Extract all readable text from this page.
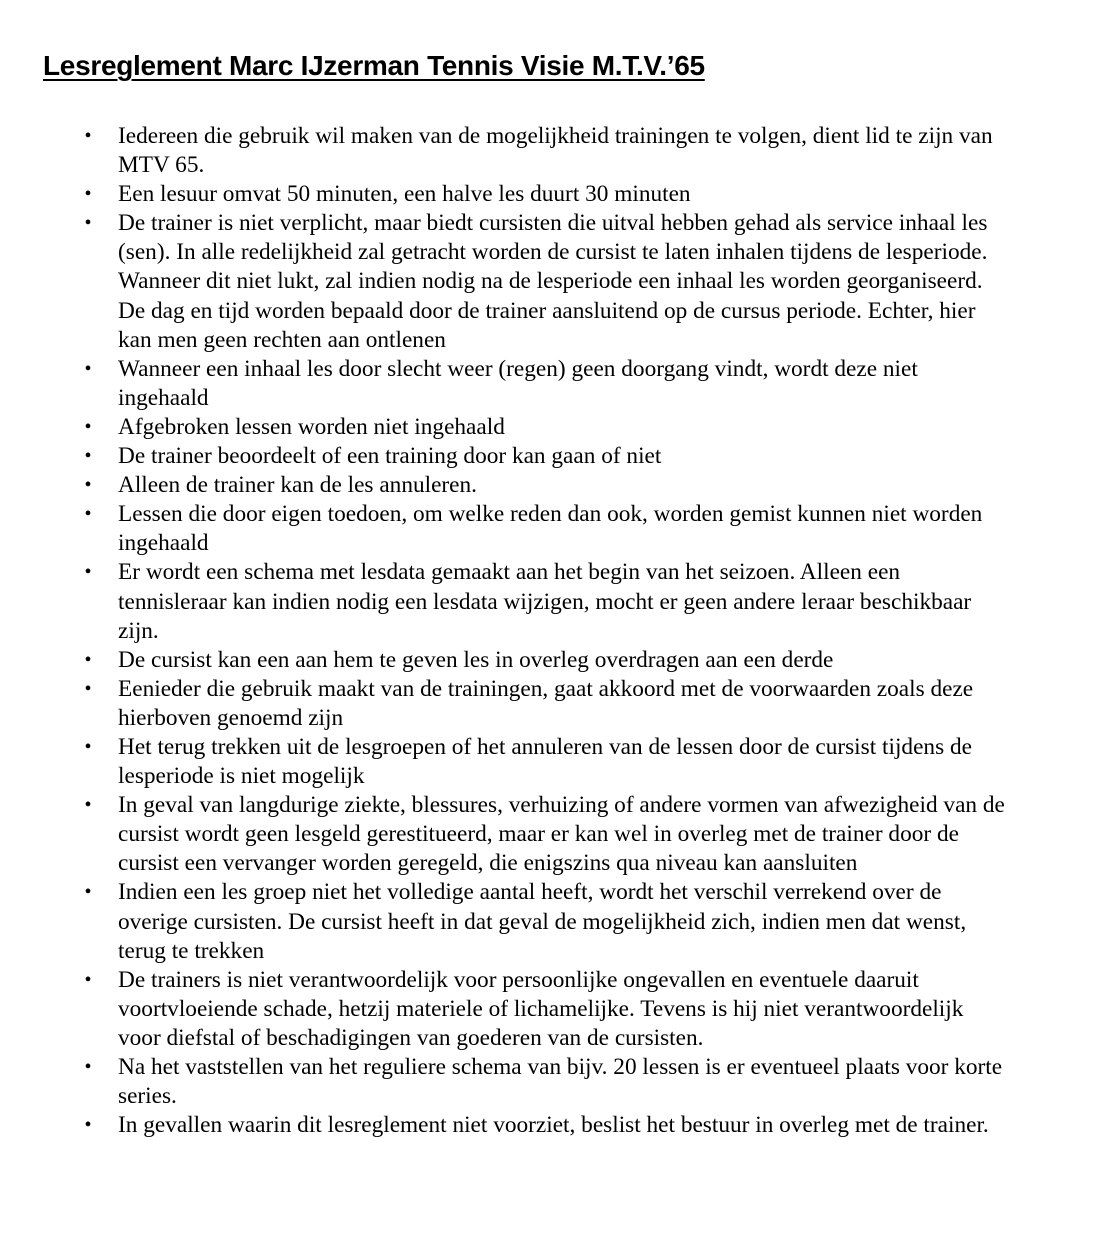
Lesreglement Marc IJzerman Tennis Visie M.T.V.’65
• Iedereen die gebruik wil maken van de mogelijkheid trainingen te volgen, dient lid te zijn van MTV 65.
• Een lesuur omvat 50 minuten, een halve les duurt 30 minuten
• De trainer is niet verplicht, maar biedt cursisten die uitval hebben gehad als service inhaal les (sen). In alle redelijkheid zal getracht worden de cursist te laten inhalen tijdens de lesperiode. Wanneer dit niet lukt, zal indien nodig na de lesperiode een inhaal les worden georganiseerd. De dag en tijd worden bepaald door de trainer aansluitend op de cursus periode. Echter, hier kan men geen rechten aan ontlenen
• Wanneer een inhaal les door slecht weer (regen) geen doorgang vindt, wordt deze niet ingehaald
• Afgebroken lessen worden niet ingehaald
• De trainer beoordeelt of een training door kan gaan of niet
• Alleen de trainer kan de les annuleren.
• Lessen die door eigen toedoen, om welke reden dan ook, worden gemist kunnen niet worden ingehaald
• Er wordt een schema met lesdata gemaakt aan het begin van het seizoen. Alleen een tennisleraar kan indien nodig een lesdata wijzigen, mocht er geen andere leraar beschikbaar zijn.
• De cursist kan een aan hem te geven les in overleg overdragen aan een derde
• Eenieder die gebruik maakt van de trainingen, gaat akkoord met de voorwaarden zoals deze hierboven genoemd zijn
• Het terug trekken uit de lesgroepen of het annuleren van de lessen door de cursist tijdens de lesperiode is niet mogelijk
• In geval van langdurige ziekte, blessures, verhuizing of andere vormen van afwezigheid van de cursist wordt geen lesgeld gerestitueerd, maar er kan wel in overleg met de trainer door de cursist een vervanger worden geregeld, die enigszins qua niveau kan aansluiten
• Indien een les groep niet het volledige aantal heeft, wordt het verschil verrekend over de overige cursisten. De cursist heeft in dat geval de mogelijkheid zich, indien men dat wenst, terug te trekken
• De trainers is niet verantwoordelijk voor persoonlijke ongevallen en eventuele daaruit voortvloeiende schade, hetzij materiele of lichamelijke. Tevens is hij niet verantwoordelijk voor diefstal of beschadigingen van goederen van de cursisten.
• Na het vaststellen van het reguliere schema van bijv. 20 lessen is er eventueel plaats voor korte series.
• In gevallen waarin dit lesreglement niet voorziet, beslist het bestuur in overleg met de trainer.
